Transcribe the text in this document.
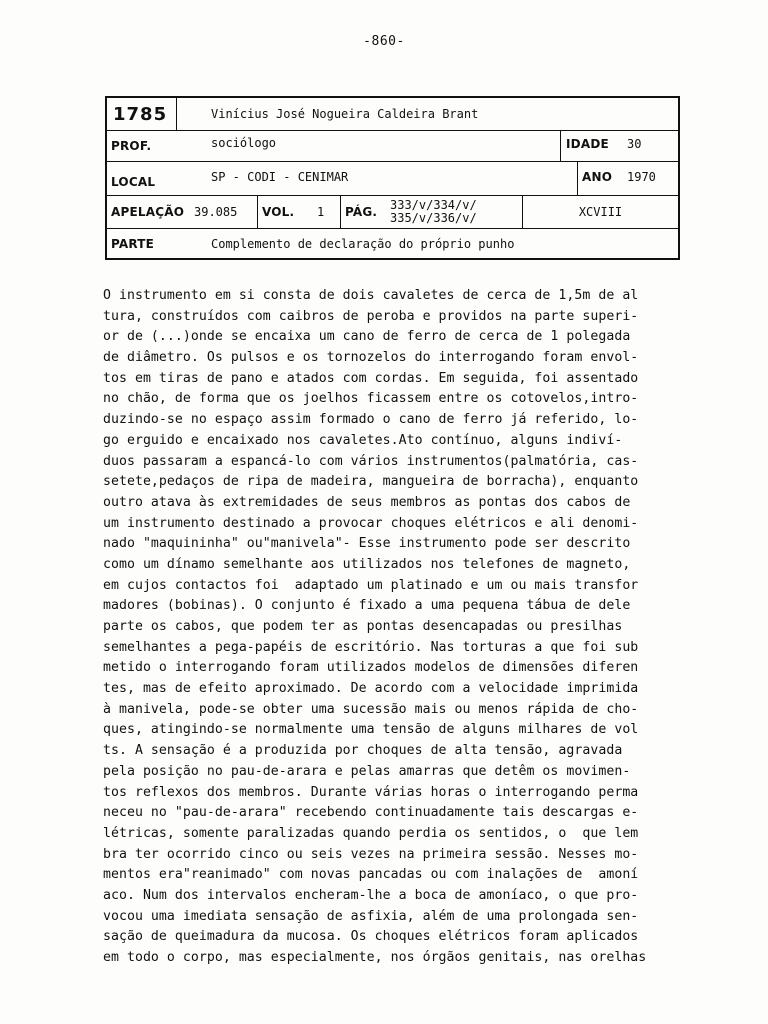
-860-
1785	Vinícius José Nogueira Caldeira Brant
PROF.	sociólogo	IDADE 30
LOCAL	SP - CODI - CENIMAR	ANO 1970
APELAÇÃO 39.085 VOL. 1 PÁG. 333/v/334/v/
335/v/336/v/	XCVIII
PARTE	Complemento de declaração do próprio punho
O instrumento em si consta de dois cavaletes de cerca de 1,5m de al
tura, construídos com caibros de peroba e providos na parte superi-
or de (...)onde se encaixa um cano de ferro de cerca de 1 polegada
de diâmetro. Os pulsos e os tornozelos do interrogando foram envol-
tos em tiras de pano e atados com cordas. Em seguida, foi assentado
no chão, de forma que os joelhos ficassem entre os cotovelos,intro-
duzindo-se no espaço assim formado o cano de ferro já referido, lo-
go erguido e encaixado nos cavaletes.Ato contínuo, alguns indiví-
duos passaram a espancá-lo com vários instrumentos(palmatória, cas-
setete,pedaços de ripa de madeira, mangueira de borracha), enquanto
outro atava às extremidades de seus membros as pontas dos cabos de
um instrumento destinado a provocar choques elétricos e ali denomi-
nado "maquininha" ou"manivela"- Esse instrumento pode ser descrito
como um dínamo semelhante aos utilizados nos telefones de magneto,
em cujos contactos foi  adaptado um platinado e um ou mais transfor
madores (bobinas). O conjunto é fixado a uma pequena tábua de dele
parte os cabos, que podem ter as pontas desencapadas ou presilhas
semelhantes a pega-papéis de escritório. Nas torturas a que foi sub
metido o interrogando foram utilizados modelos de dimensões diferen
tes, mas de efeito aproximado. De acordo com a velocidade imprimida
à manivela, pode-se obter uma sucessão mais ou menos rápida de cho-
ques, atingindo-se normalmente uma tensão de alguns milhares de vol
ts. A sensação é a produzida por choques de alta tensão, agravada
pela posição no pau-de-arara e pelas amarras que detêm os movimen-
tos reflexos dos membros. Durante várias horas o interrogando perma
neceu no "pau-de-arara" recebendo continuadamente tais descargas e-
létricas, somente paralizadas quando perdia os sentidos, o  que lem
bra ter ocorrido cinco ou seis vezes na primeira sessão. Nesses mo-
mentos era"reanimado" com novas pancadas ou com inalações de  amoní
aco. Num dos intervalos encheram-lhe a boca de amoníaco, o que pro-
vocou uma imediata sensação de asfixia, além de uma prolongada sen-
sação de queimadura da mucosa. Os choques elétricos foram aplicados
em todo o corpo, mas especialmente, nos órgãos genitais, nas orelhas
